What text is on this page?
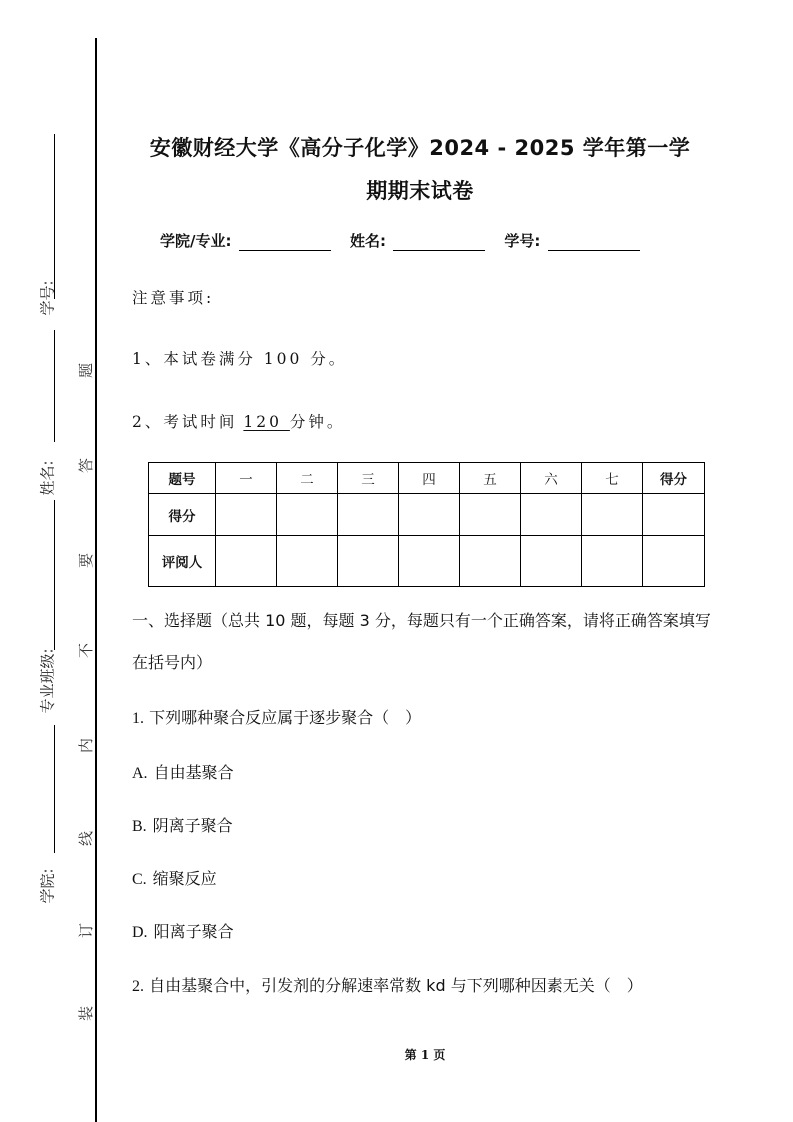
学号:
姓名:
专业班级:
学院:
题
答
要
不
内
线
订
装
安徽财经大学《高分子化学》2024 - 2025 学年第一学
期期末试卷
学院/专业:	姓名:	学号:
注意事项:
1、本试卷满分 100 分。
2、考试时间 120 分钟。
题号	一	二	三	四	五	六	七	得分
得分								
评阅人								
一、选择题（总共 10 题，每题 3 分，每题只有一个正确答案，请将正确答案填写在括号内）
1. 下列哪种聚合反应属于逐步聚合（　）
A. 自由基聚合
B. 阴离子聚合
C. 缩聚反应
D. 阳离子聚合
2. 自由基聚合中，引发剂的分解速率常数 kd 与下列哪种因素无关（　）
第 1 页
